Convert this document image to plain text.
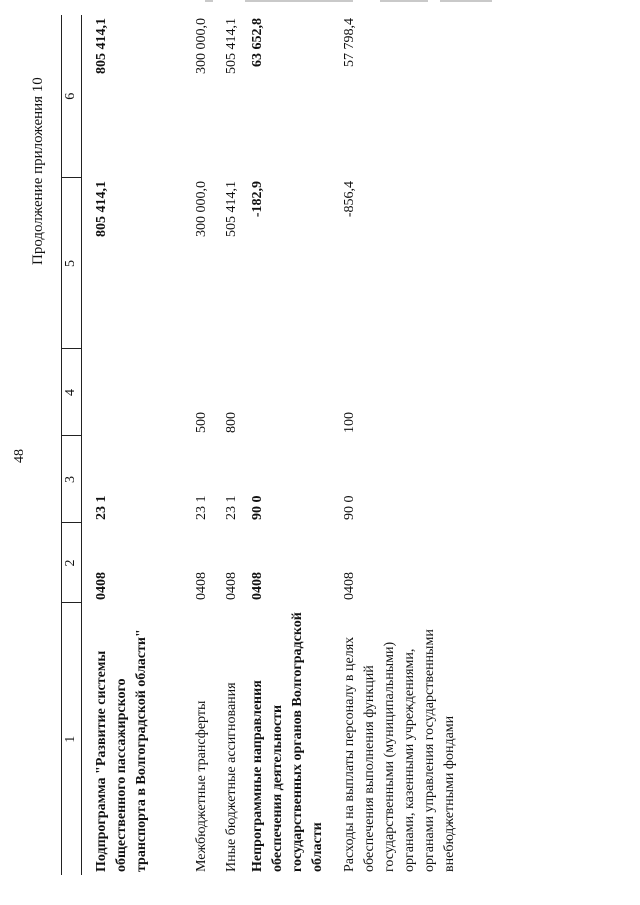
48
Продолжение приложения 10
1	2	3	4	5	6
Подпрограмма "Развитие системы общественного пассажирского транспорта в Волгоградской области"	0408	23 1		805 414,1	805 414,1
Межбюджетные трансферты	0408	23 1	500	300 000,0	300 000,0
Иные бюджетные ассигнования	0408	23 1	800	505 414,1	505 414,1
Непрограммные направления обеспечения деятельности государственных органов Волгоградской области	0408	90 0		-182,9	63 652,8
Расходы на выплаты персоналу в целях обеспечения выполнения функций государственными (муниципальными) органами, казенными учреждениями, органами управления государственными внебюджетными фондами	0408	90 0	100	-856,4	57 798,4
